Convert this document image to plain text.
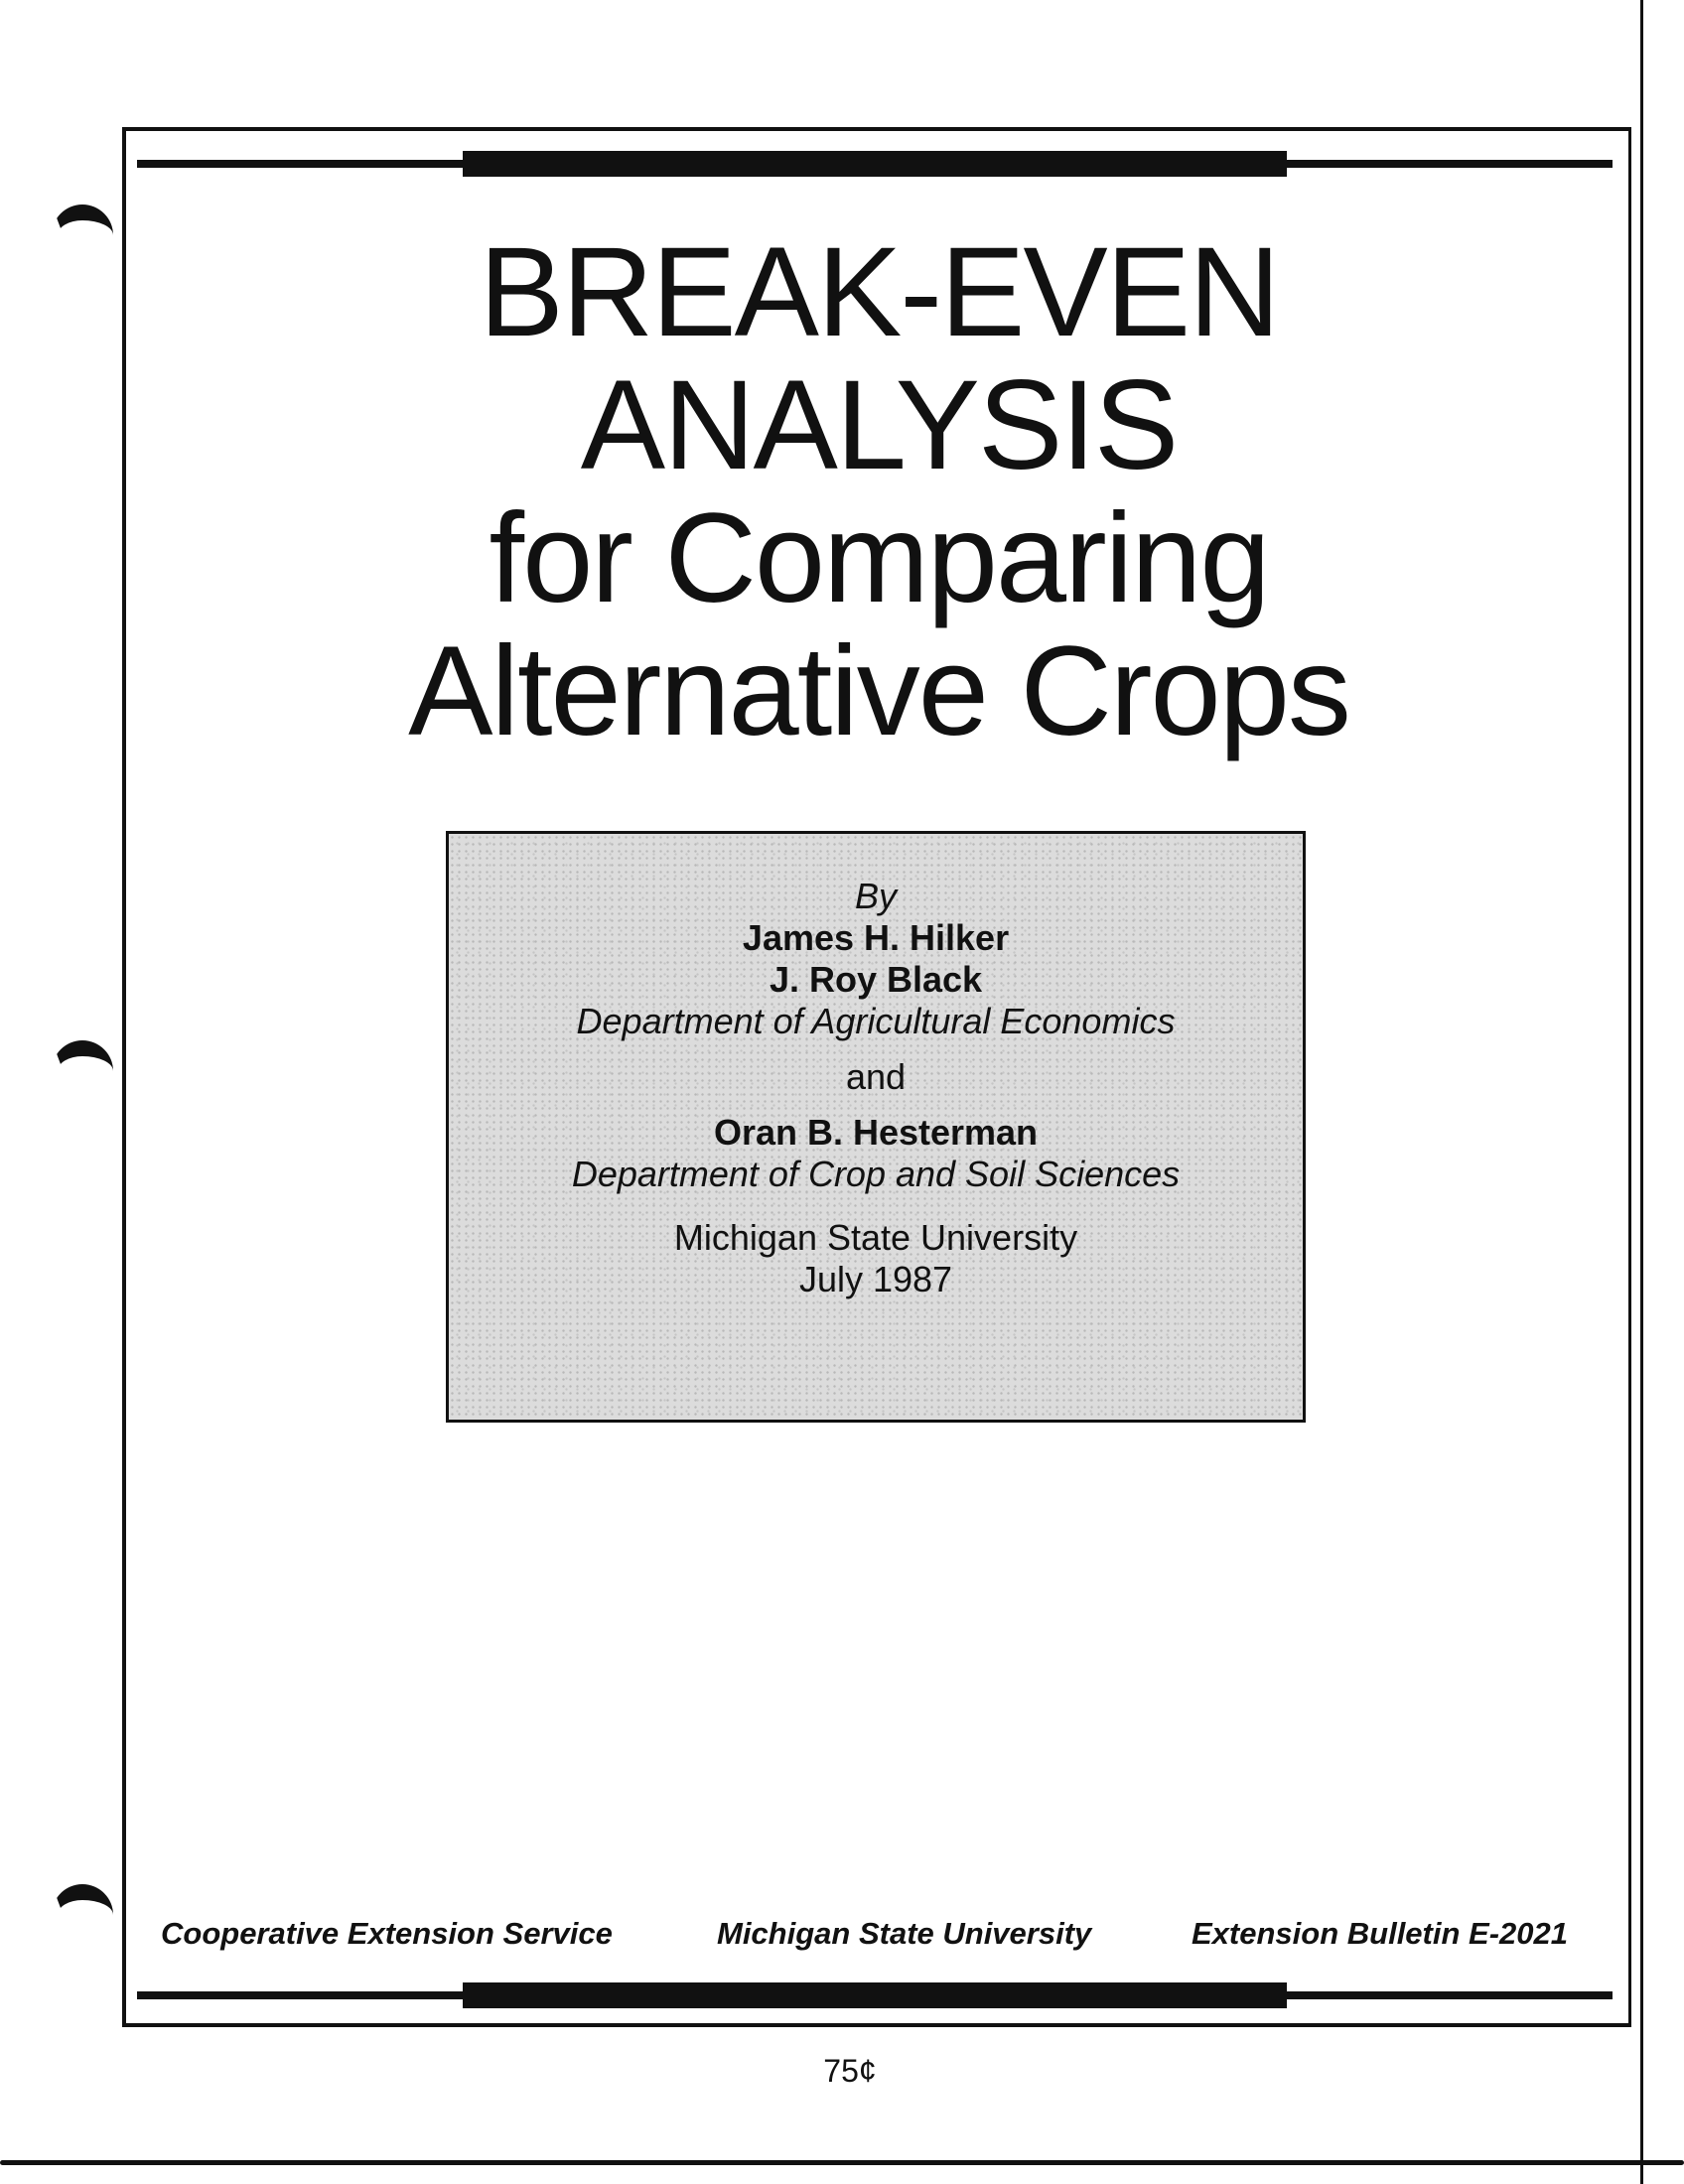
BREAK-EVEN
ANALYSIS
for Comparing
Alternative Crops
By
James H. Hilker
J. Roy Black
Department of Agricultural Economics
and
Oran B. Hesterman
Department of Crop and Soil Sciences
Michigan State University
July 1987
Cooperative Extension Service	Michigan State University	Extension Bulletin E-2021
75¢
